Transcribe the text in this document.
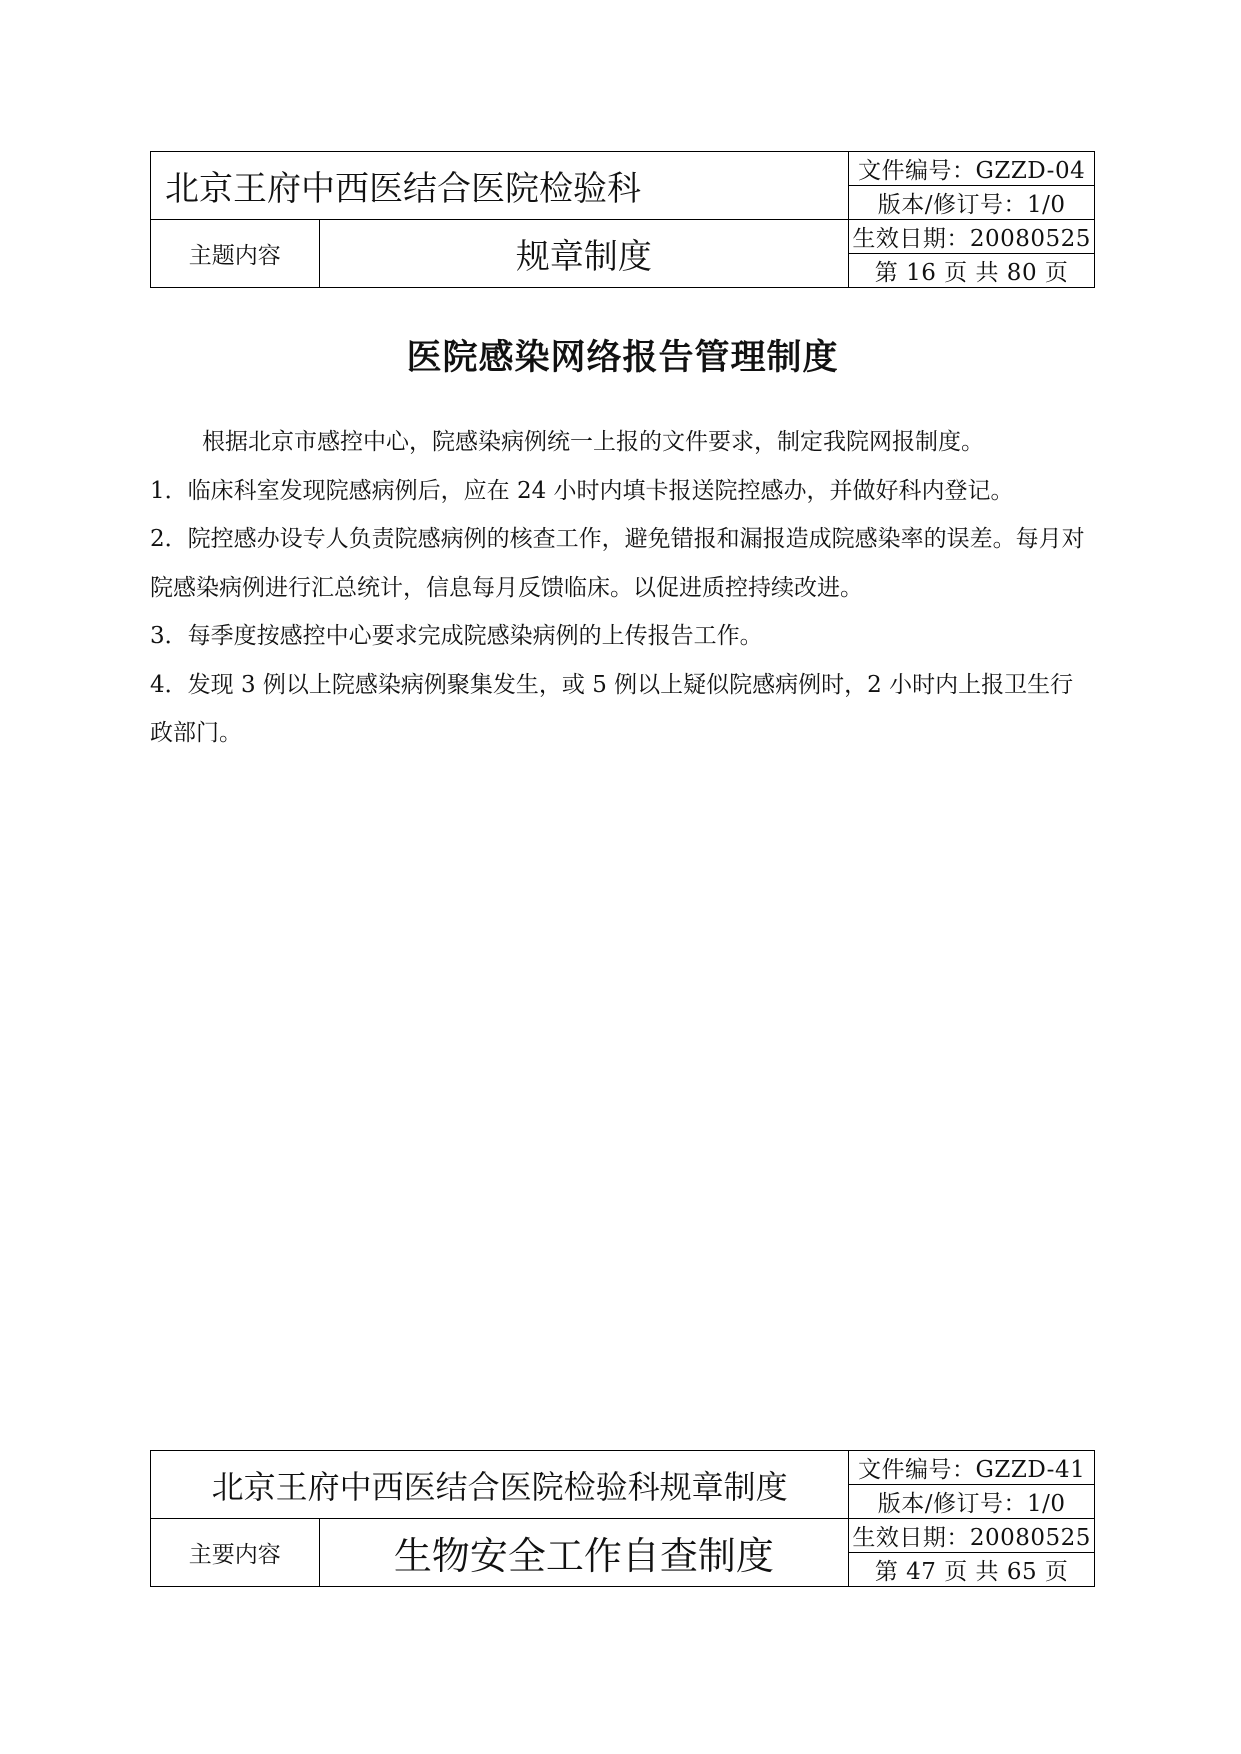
北京王府中西医结合医院检验科		文件编号：GZZD-04
		版本/修订号：1/0
主题内容	规章制度	生效日期：20080525
		第 16 页 共 80 页
医院感染网络报告管理制度

根据北京市感控中心，院感染病例统一上报的文件要求，制定我院网报制度。

1．临床科室发现院感病例后，应在 24 小时内填卡报送院控感办，并做好科内登记。

2．院控感办设专人负责院感病例的核查工作，避免错报和漏报造成院感染率的误差。每月对院感染病例进行汇总统计，信息每月反馈临床。以促进质控持续改进。

3．每季度按感控中心要求完成院感染病例的上传报告工作。

4．发现 3 例以上院感染病例聚集发生，或 5 例以上疑似院感病例时，2 小时内上报卫生行政部门。

北京王府中西医结合医院检验科规章制度		文件编号：GZZD-41
		版本/修订号：1/0
主要内容	生物安全工作自查制度	生效日期：20080525
		第 47 页 共 65 页
